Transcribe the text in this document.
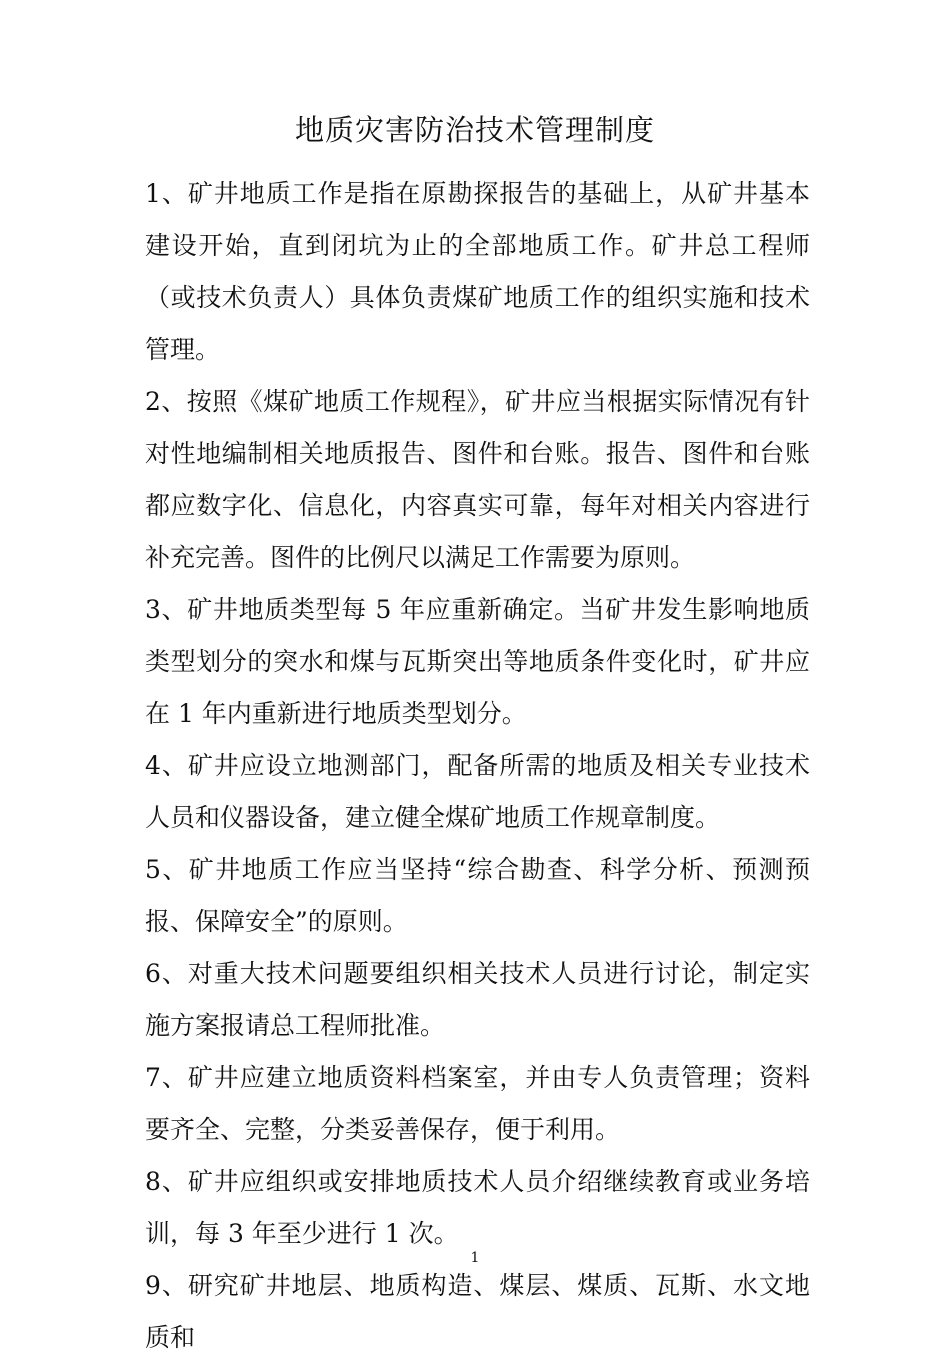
地质灾害防治技术管理制度

1、矿井地质工作是指在原勘探报告的基础上，从矿井基本建设开始，直到闭坑为止的全部地质工作。矿井总工程师（或技术负责人）具体负责煤矿地质工作的组织实施和技术管理。

2、按照《煤矿地质工作规程》，矿井应当根据实际情况有针对性地编制相关地质报告、图件和台账。报告、图件和台账都应数字化、信息化，内容真实可靠，每年对相关内容进行补充完善。图件的比例尺以满足工作需要为原则。

3、矿井地质类型每 5 年应重新确定。当矿井发生影响地质类型划分的突水和煤与瓦斯突出等地质条件变化时，矿井应在 1 年内重新进行地质类型划分。

4、矿井应设立地测部门，配备所需的地质及相关专业技术人员和仪器设备，建立健全煤矿地质工作规章制度。

5、矿井地质工作应当坚持“综合勘查、科学分析、预测预报、保障安全”的原则。

6、对重大技术问题要组织相关技术人员进行讨论，制定实施方案报请总工程师批准。

7、矿井应建立地质资料档案室，并由专人负责管理；资料要齐全、完整，分类妥善保存，便于利用。

8、矿井应组织或安排地质技术人员介绍继续教育或业务培训，每 3 年至少进行 1 次。

9、研究矿井地层、地质构造、煤层、煤质、瓦斯、水文地质和

1
